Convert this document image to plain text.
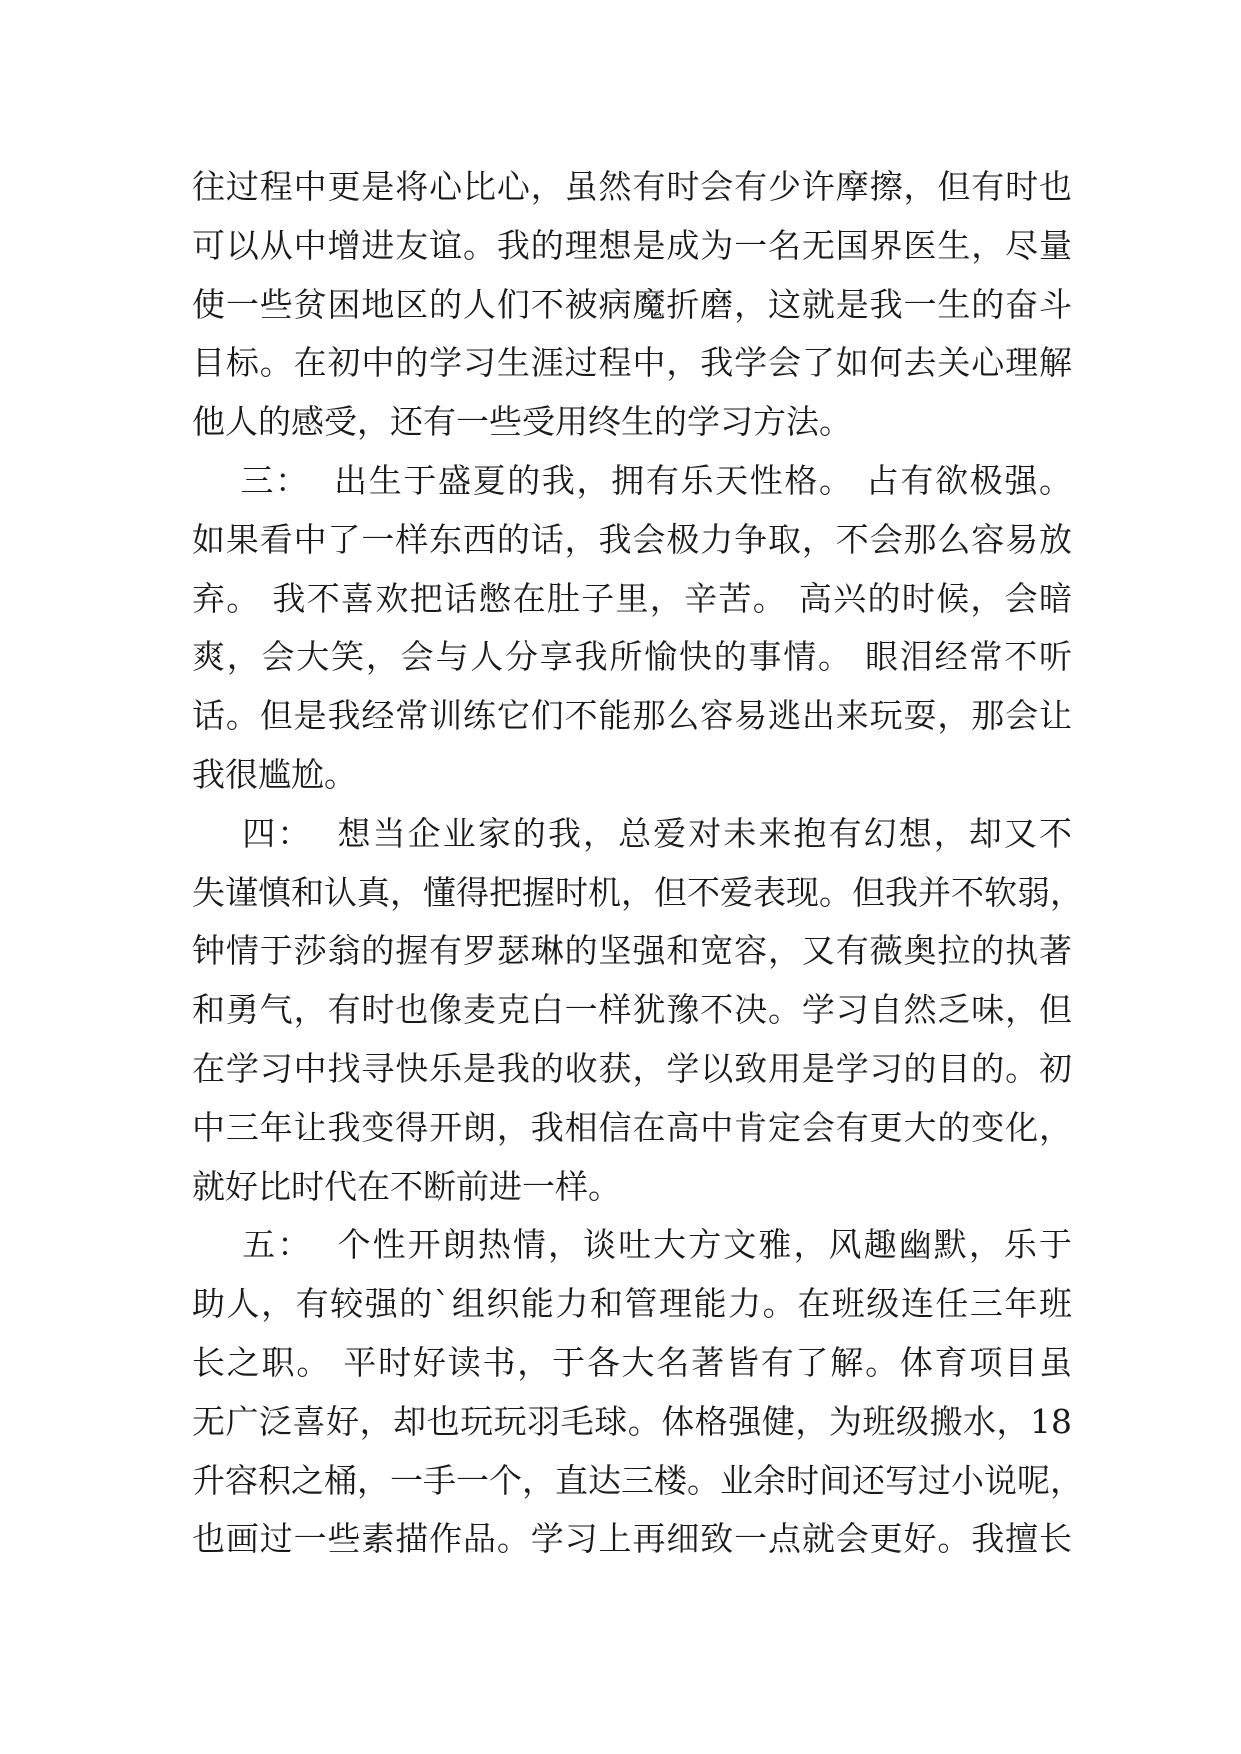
往过程中更是将心比心，虽然有时会有少许摩擦，但有时也
可以从中增进友谊。我的理想是成为一名无国界医生，尽量
使一些贫困地区的人们不被病魔折磨，这就是我一生的奋斗
目标。在初中的学习生涯过程中，我学会了如何去关心理解
他人的感受，还有一些受用终生的学习方法。
三：  出生于盛夏的我，拥有乐天性格。 占有欲极强。
如果看中了一样东西的话，我会极力争取，不会那么容易放
弃。 我不喜欢把话憋在肚子里，辛苦。 高兴的时候，会暗
爽，会大笑，会与人分享我所愉快的事情。 眼泪经常不听
话。但是我经常训练它们不能那么容易逃出来玩耍，那会让
我很尴尬。
四：  想当企业家的我，总爱对未来抱有幻想，却又不
失谨慎和认真，懂得把握时机，但不爱表现。但我并不软弱，
钟情于莎翁的握有罗瑟琳的坚强和宽容，又有薇奥拉的执著
和勇气，有时也像麦克白一样犹豫不决。学习自然乏味，但
在学习中找寻快乐是我的收获，学以致用是学习的目的。初
中三年让我变得开朗，我相信在高中肯定会有更大的变化，
就好比时代在不断前进一样。
五：  个性开朗热情，谈吐大方文雅，风趣幽默，乐于
助人，有较强的`组织能力和管理能力。在班级连任三年班
长之职。 平时好读书，于各大名著皆有了解。体育项目虽
无广泛喜好，却也玩玩羽毛球。体格强健，为班级搬水，18
升容积之桶，一手一个，直达三楼。业余时间还写过小说呢，
也画过一些素描作品。学习上再细致一点就会更好。我擅长
